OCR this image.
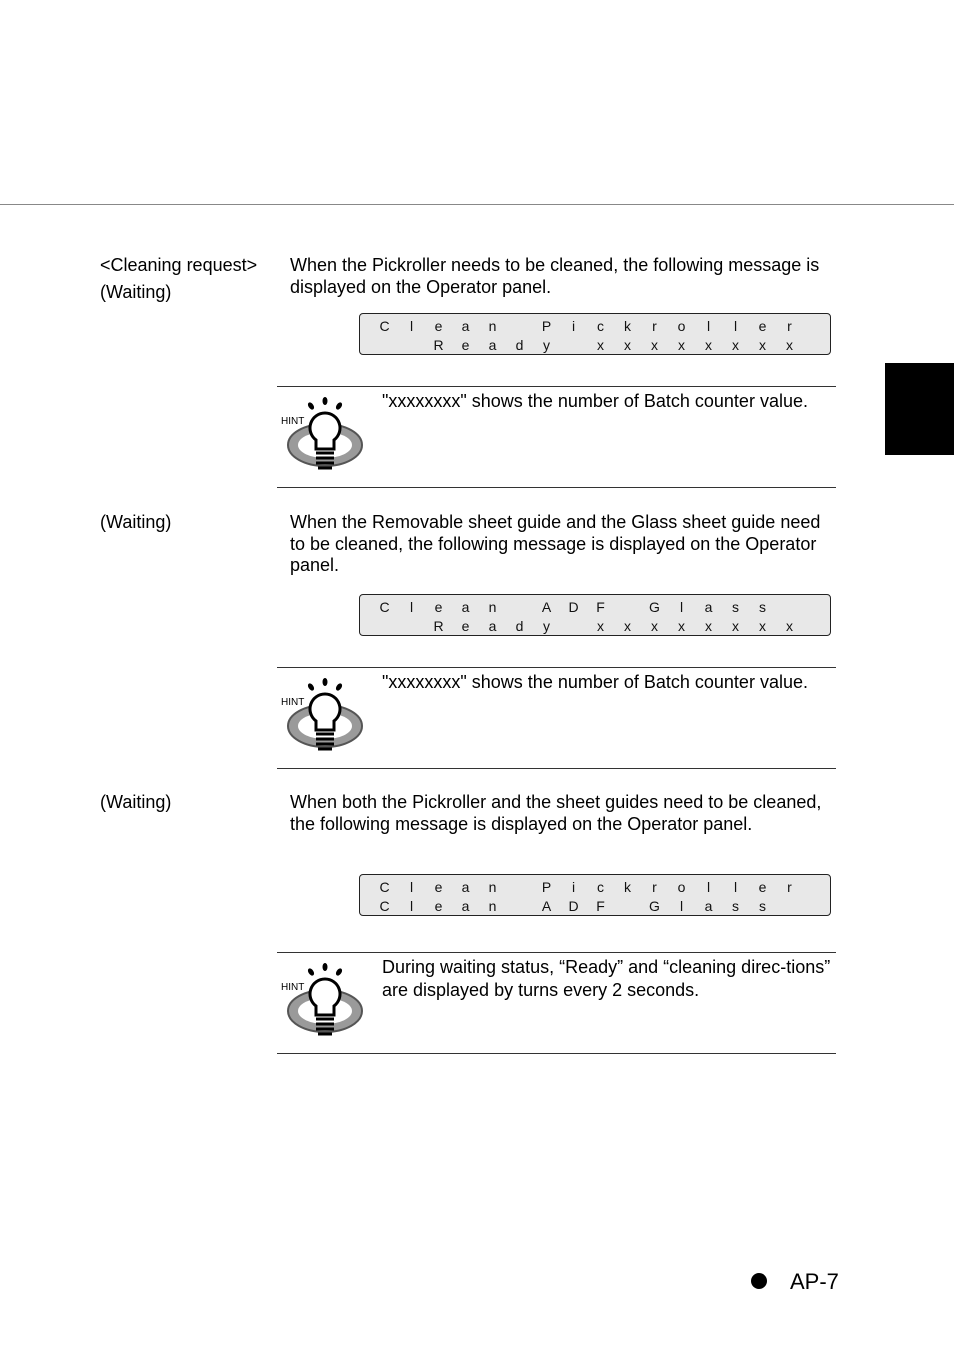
<Cleaning request>
(Waiting)
When the Pickroller needs to be cleaned, the following message is displayed on the Operator panel.
C	l	e	a	n	P	i	c	k	r	o	l	l	e	r
R	e	a	d	y	x	x	x	x	x	x	x	x
HINT
"xxxxxxxx" shows the number of Batch counter value.
(Waiting)	When the Removable sheet guide and the Glass sheet guide need to be cleaned, the following message is displayed on the Operator panel.
C	l	e	a	n	A	D	F	G	l	a	s	s
R	e	a	d	y	x	x	x	x	x	x	x	x
HINT
"xxxxxxxx" shows the number of Batch counter value.
(Waiting)	When both the Pickroller and the sheet guides need to be cleaned, the following message is displayed on the Operator panel.
C	l	e	a	n	P	i	c	k	r	o	l	l	e	r
C	l	e	a	n	A	D	F	G	l	a	s	s
HINT
During waiting status, “Ready” and “cleaning direc-tions” are displayed by turns every 2 seconds.
AP-7
